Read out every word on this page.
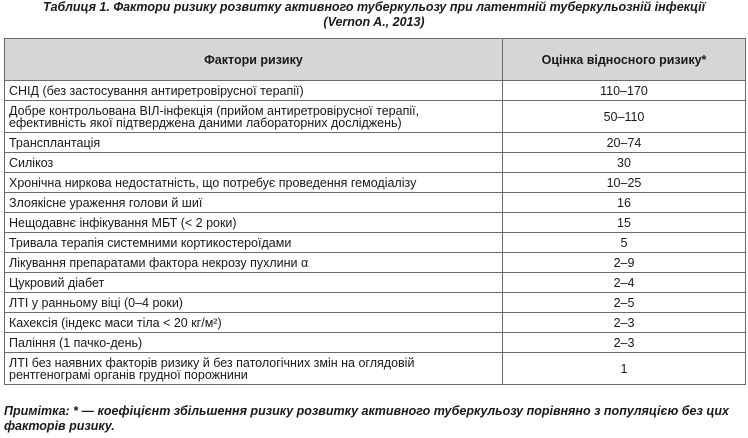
Таблиця 1. Фактори ризику розвитку активного туберкульозу при латентній туберкульозній інфекції
(Vernon A., 2013)
Фактори ризику	Оцінка відносного ризику*
СНІД (без застосування антиретровірусної терапії)	110–170
Добре контрольована ВІЛ-інфекція (прийом антиретровірусної терапії, ефективність якої підтверджена даними лабораторних досліджень)	50–110
Трансплантація	20–74
Силікоз	30
Хронічна ниркова недостатність, що потребує проведення гемодіалізу	10–25
Злоякісне ураження голови й шиї	16
Нещодавнє інфікування МБТ (< 2 роки)	15
Тривала терапія системними кортикостероїдами	5
Лікування препаратами фактора некрозу пухлини α	2–9
Цукровий діабет	2–4
ЛТІ у ранньому віці (0–4 роки)	2–5
Кахексія (індекс маси тіла < 20 кг/м²)	2–3
Паління (1 пачко-день)	2–3
ЛТІ без наявних факторів ризику й без патологічних змін на оглядовій рентгенограмі органів грудної порожнини	1
Примітка: * — коефіцієнт збільшення ризику розвитку активного туберкульозу порівняно з популяцією без цих факторів ризику.
